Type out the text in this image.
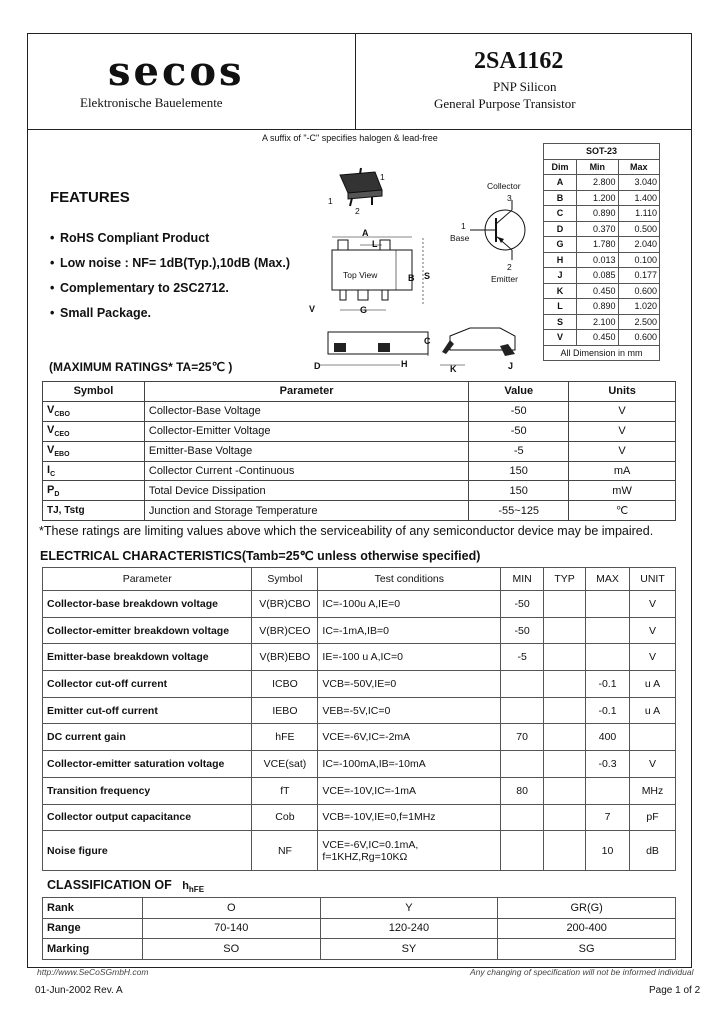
secos
Elektronische Bauelemente
2SA1162
PNP Silicon
General Purpose Transistor
A suffix of "-C" specifies halogen & lead-free
FEATURES
• RoHS Compliant Product
• Low noise : NF= 1dB(Typ.),10dB (Max.)
• Complementary to 2SC2712.
• Small Package.
Collector
Base
Emitter
3
1
2
1
1
2
Top View
A
L
B S
V	G
C
D	H	K	J
SOT-23		
Dim	Min	Max
A	2.800	3.040
B	1.200	1.400
C	0.890	1.110
D	0.370	0.500
G	1.780	2.040
H	0.013	0.100
J	0.085	0.177
K	0.450	0.600
L	0.890	1.020
S	2.100	2.500
V	0.450	0.600
All Dimension in mm		
(MAXIMUM RATINGS* TA=25℃ )
Symbol	Parameter	Value	Units
$V_{CBO}$	Collector-Base Voltage	-50	V
$V_{CEO}$	Collector-Emitter Voltage	-50	V
$V_{EBO}$	Emitter-Base Voltage	-5	V
$I_C$	Collector Current -Continuous	150	mA
$P_D$	Total Device Dissipation	150	mW
TJ, Tstg	Junction and Storage Temperature	-55~125	℃
*These ratings are limiting values above which the serviceability of any semiconductor device may be impaired.
ELECTRICAL CHARACTERISTICS(Tamb=25℃ unless otherwise specified)
Parameter	Symbol	Test conditions	MIN	TYP	MAX	UNIT
Collector-base breakdown voltage	V(BR)CBO	IC=-100u A,IE=0	-50			V
Collector-emitter breakdown voltage	V(BR)CEO	IC=-1mA,IB=0	-50			V
Emitter-base breakdown voltage	V(BR)EBO	IE=-100 u A,IC=0	-5			V
Collector cut-off current	ICBO	VCB=-50V,IE=0			-0.1	u A
Emitter cut-off current	IEBO	VEB=-5V,IC=0			-0.1	u A
DC current gain	hFE	VCE=-6V,IC=-2mA	70		400	
Collector-emitter saturation voltage	VCE(sat)	IC=-100mA,IB=-10mA			-0.3	V
Transition frequency	fT	VCE=-10V,IC=-1mA	80			MHz
Collector output capacitance	Cob	VCB=-10V,IE=0,f=1MHz			7	pF
Noise figure	NF	VCE=-6V,IC=0.1mA,
f=1KHZ,Rg=10KΩ			10	dB
CLASSIFICATION OF $h_{hFE}$
Rank	O	Y	GR(G)
Range	70-140	120-240	200-400
Marking	SO	SY	SG
http://www.SeCoSGmbH.com	Any changing of specification will not be informed individual
01-Jun-2002 Rev. A	Page 1 of 2
